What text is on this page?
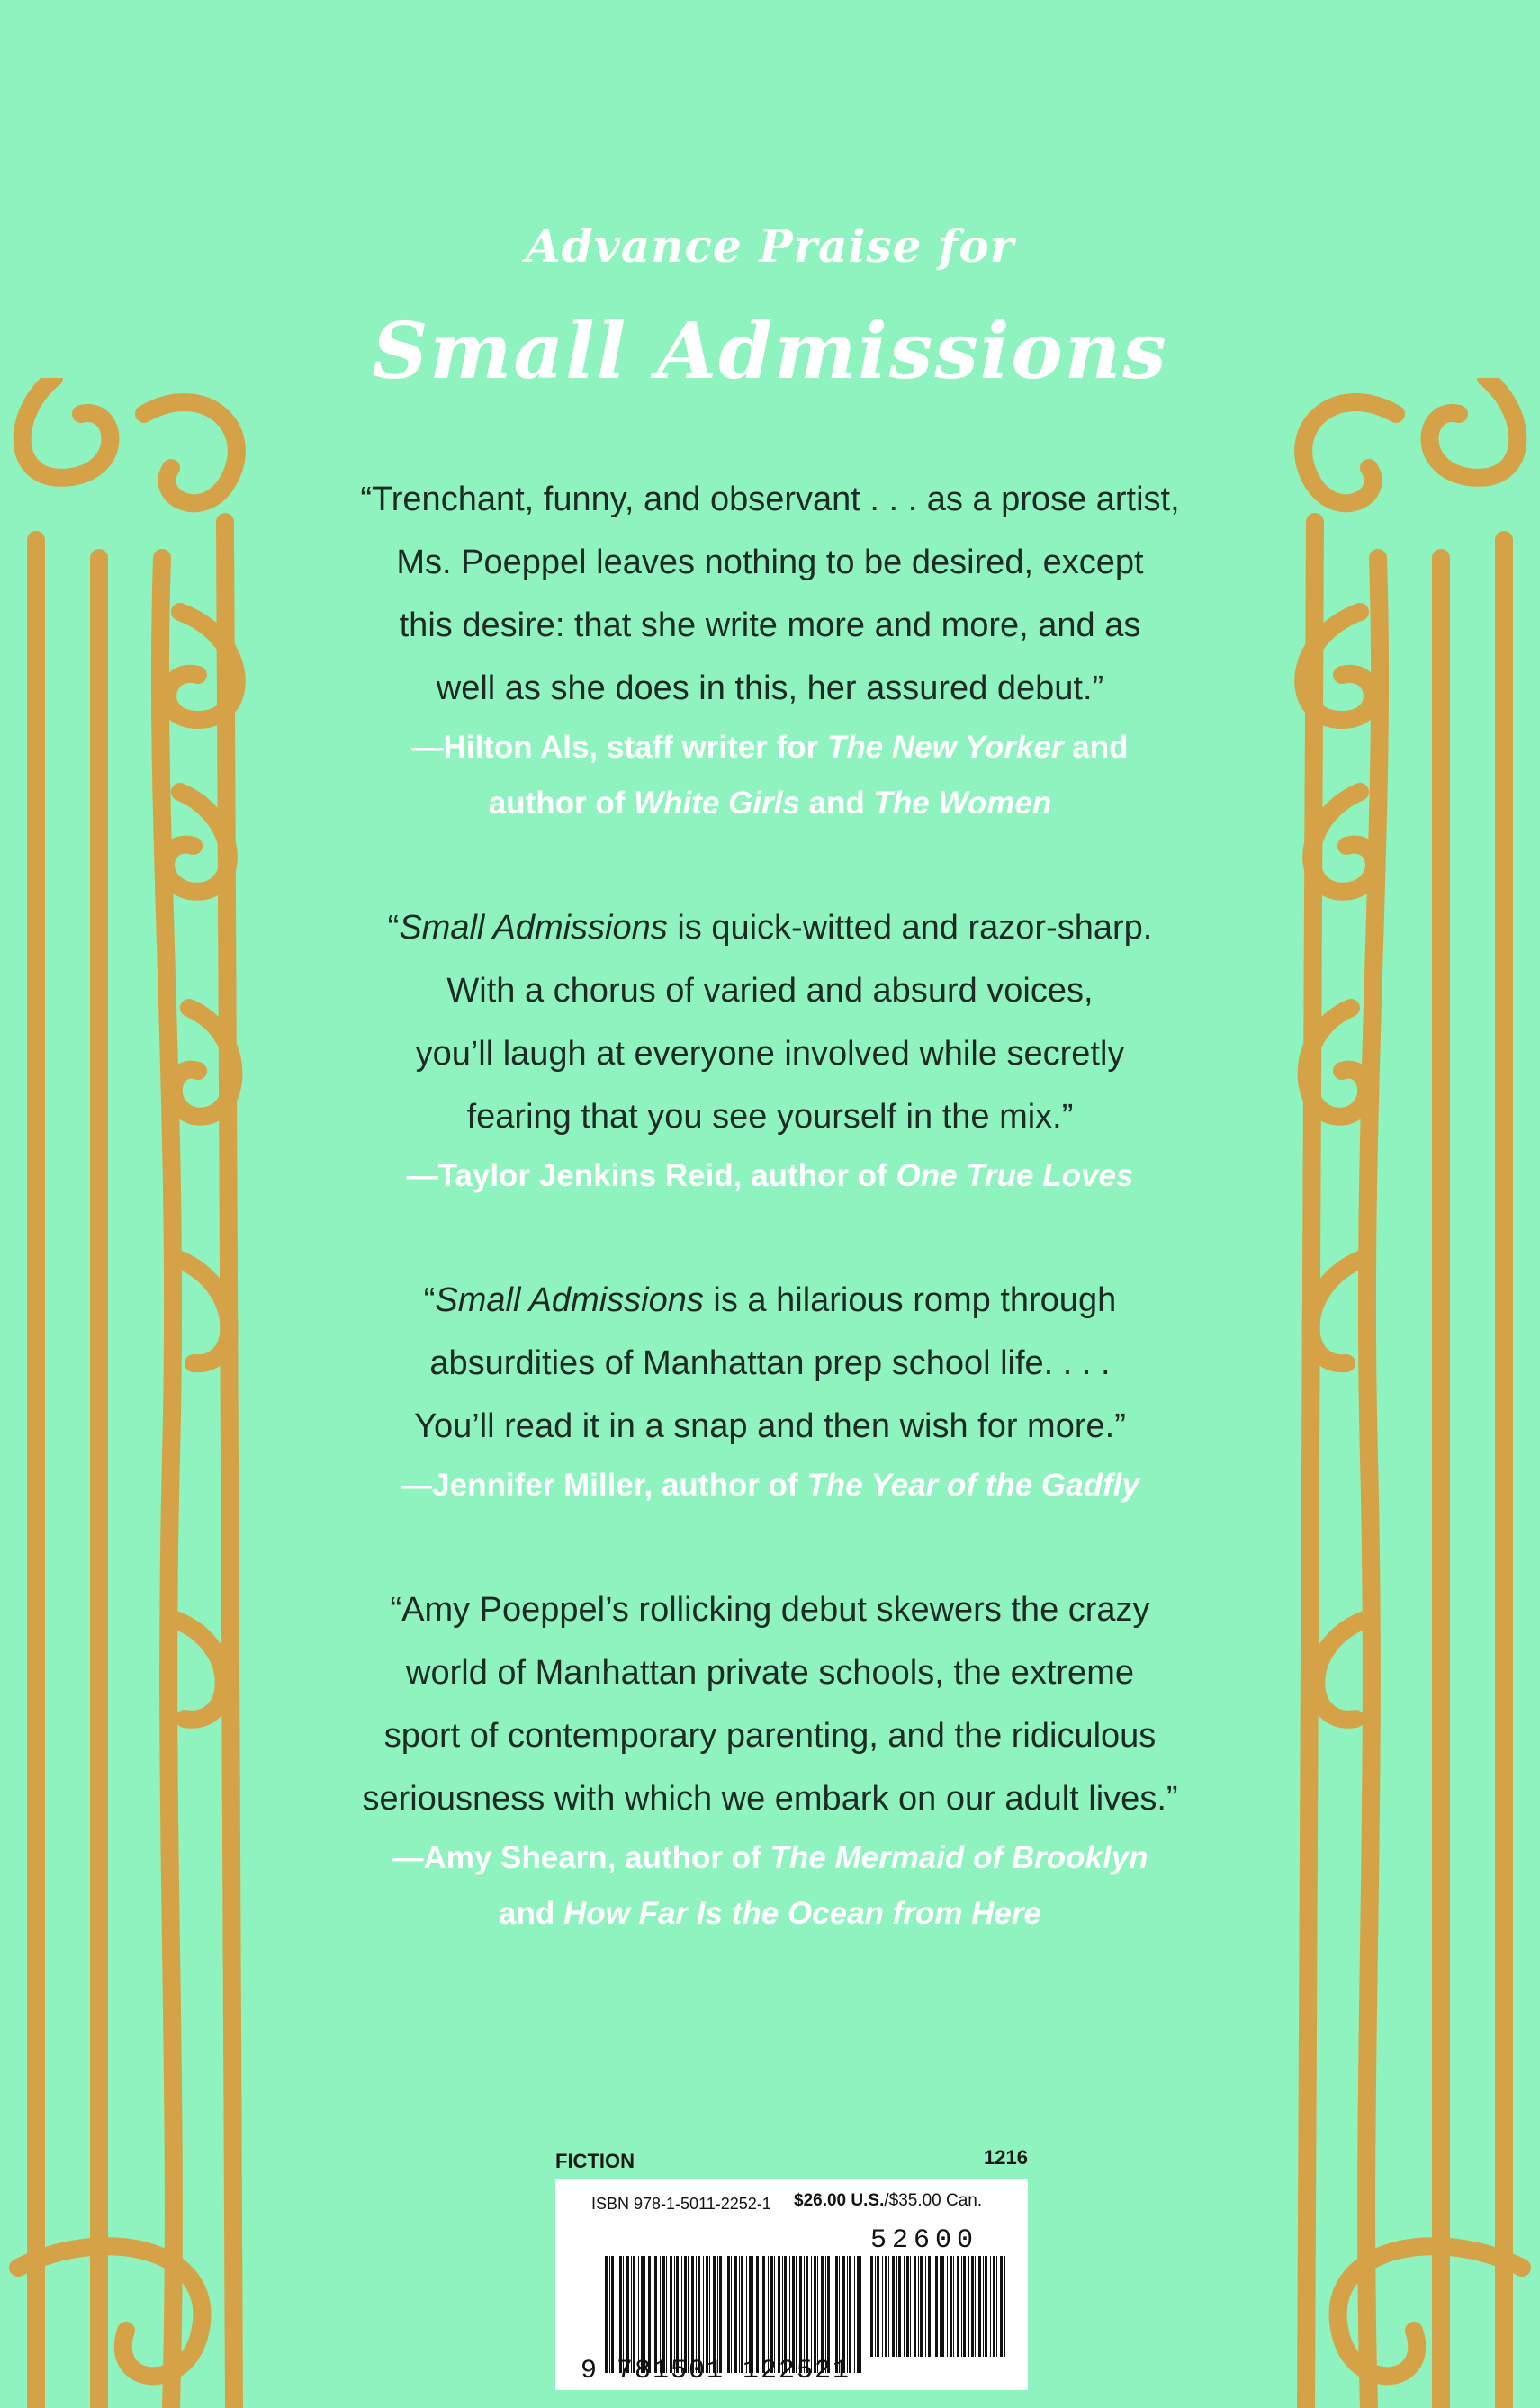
Advance Praise for
Small Admissions
“Trenchant, funny, and observant . . . as a prose artist,
Ms. Poeppel leaves nothing to be desired, except
this desire: that she write more and more, and as
well as she does in this, her assured debut.”
—Hilton Als, staff writer for The New Yorker and
author of White Girls and The Women
“Small Admissions is quick-witted and razor-sharp.
With a chorus of varied and absurd voices,
you’ll laugh at everyone involved while secretly
fearing that you see yourself in the mix.”
—Taylor Jenkins Reid, author of One True Loves
“Small Admissions is a hilarious romp through
absurdities of Manhattan prep school life. . . .
You’ll read it in a snap and then wish for more.”
—Jennifer Miller, author of The Year of the Gadfly
“Amy Poeppel’s rollicking debut skewers the crazy
world of Manhattan private schools, the extreme
sport of contemporary parenting, and the ridiculous
seriousness with which we embark on our adult lives.”
—Amy Shearn, author of The Mermaid of Brooklyn
and How Far Is the Ocean from Here
FICTION	1216
ISBN 978-1-5011-2252-1 $26.00 U.S./$35.00 Can.
52600
9 781501 122521
